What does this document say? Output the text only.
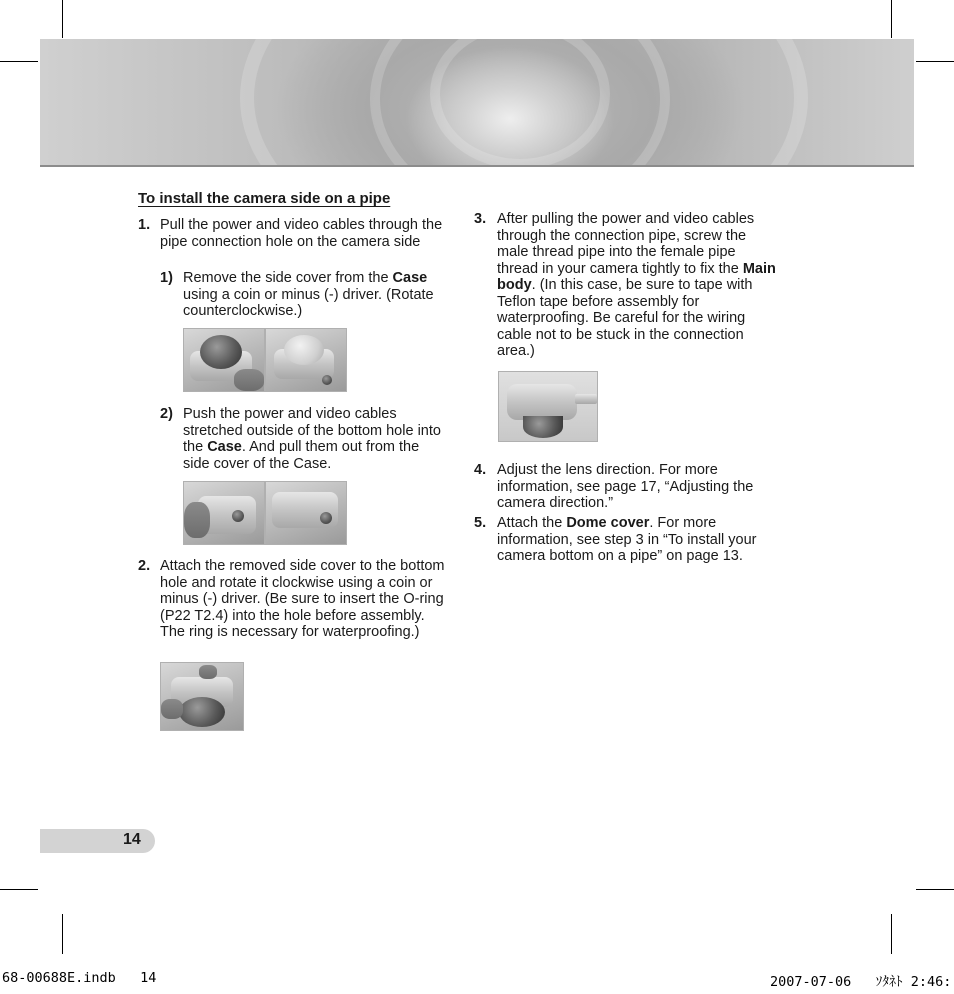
To install the camera side on a pipe
1. Pull the power and video cables through the pipe connection hole on the camera side
1) Remove the side cover from the Case using a coin or minus (-) driver. (Rotate counterclockwise.)
2) Push the power and video cables stretched outside of the bottom hole into the Case. And pull them out from the side cover of the Case.
2. Attach the removed side cover to the bottom hole and rotate it clockwise using a coin or minus (-) driver. (Be sure to insert the O-ring (P22 T2.4) into the hole before assembly. The ring is necessary for waterproofing.)
3. After pulling the power and video cables through the connection pipe, screw the male thread pipe into the female pipe thread in your camera tightly to fix the Main body. (In this case, be sure to tape with Teflon tape before assembly for waterproofing. Be careful for the wiring cable not to be stuck in the connection area.)
4. Adjust the lens direction. For more information, see page 17, “Adjusting the camera direction.”
5. Attach the Dome cover. For more information, see step 3 in “To install your camera bottom on a pipe” on page 13.
14
68-00688E.indb   14	2007-07-06   ｿﾀﾈﾄ 2:46:
